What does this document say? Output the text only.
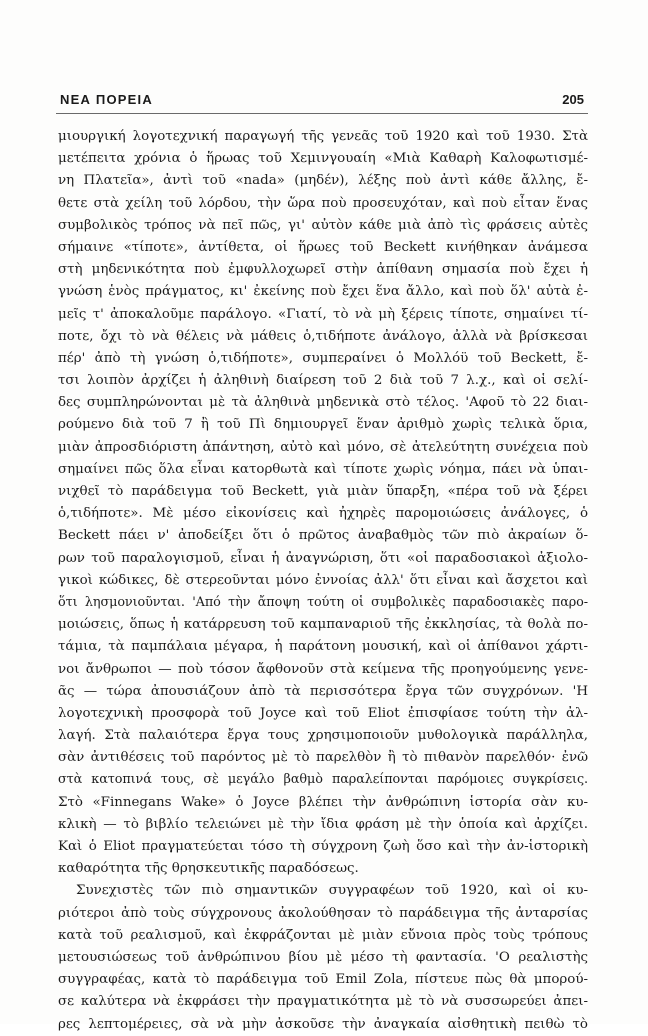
ΝΕΑ ΠΟΡΕΙΑ	205
μιουργική λογοτεχνική παραγωγή τῆς γενεᾶς τοῦ 1920 καὶ τοῦ 1930. Στὰ
μετέπειτα χρόνια ὁ ἥρωας τοῦ Χεμινγουαίη «Μιὰ Καθαρὴ Καλοφωτισμέ-
νη Πλατεῖα», ἀντὶ τοῦ «nada» (μηδέν), λέξης ποὺ ἀντὶ κάθε ἄλλης, ἔ-
θετε στὰ χείλη τοῦ λόρδου, τὴν ὥρα ποὺ προσευχόταν, καὶ ποὺ εἶταν ἕνας
συμβολικὸς τρόπος νὰ πεῖ πῶς, γι' αὐτὸν κάθε μιὰ ἀπὸ τὶς φράσεις αὐτὲς
σήμαινε «τίποτε», ἀντίθετα, οἱ ἥρωες τοῦ Beckett κινήθηκαν ἀνάμεσα
στὴ μηδενικότητα ποὺ ἐμφυλλοχωρεῖ στὴν ἀπίθανη σημασία ποὺ ἔχει ἡ
γνώση ἑνὸς πράγματος, κι' ἐκείνης ποὺ ἔχει ἕνα ἄλλο, καὶ ποὺ ὅλ' αὐτὰ ἐ-
μεῖς τ' ἀποκαλοῦμε παράλογο. «Γιατί, τὸ νὰ μὴ ξέρεις τίποτε, σημαίνει τί-
ποτε, ὄχι τὸ νὰ θέλεις νὰ μάθεις ὁ,τιδήποτε ἀνάλογο, ἀλλὰ νὰ βρίσκεσαι
πέρ' ἀπὸ τὴ γνώση ὁ,τιδήποτε», συμπεραίνει ὁ Μολλόϋ τοῦ Beckett, ἔ-
τσι λοιπὸν ἀρχίζει ἡ ἀληθινὴ διαίρεση τοῦ 2 διὰ τοῦ 7 λ.χ., καὶ οἱ σελί-
δες συμπληρώνονται μὲ τὰ ἀληθινὰ μηδενικὰ στὸ τέλος. 'Αφοῦ τὸ 22 διαι-
ρούμενο διὰ τοῦ 7 ἢ τοῦ Πὶ δημιουργεῖ ἕναν ἀριθμὸ χωρὶς τελικὰ ὅρια,
μιὰν ἀπροσδιόριστη ἀπάντηση, αὐτὸ καὶ μόνο, σὲ ἀτελεύτητη συνέχεια ποὺ
σημαίνει πῶς ὅλα εἶναι κατορθωτὰ καὶ τίποτε χωρὶς νόημα, πάει νὰ ὑπαι-
νιχθεῖ τὸ παράδειγμα τοῦ Beckett, γιὰ μιὰν ὕπαρξη, «πέρα τοῦ νὰ ξέρει
ὁ,τιδήποτε». Μὲ μέσο εἰκονίσεις καὶ ἠχηρὲς παρομοιώσεις ἀνάλογες, ὁ
Beckett πάει ν' ἀποδείξει ὅτι ὁ πρῶτος ἀναβαθμὸς τῶν πιὸ ἀκραίων ὅ-
ρων τοῦ παραλογισμοῦ, εἶναι ἡ ἀναγνώριση, ὅτι «οἱ παραδοσιακοὶ ἀξιολο-
γικοὶ κώδικες, δὲ στερεοῦνται μόνο ἐννοίας ἀλλ' ὅτι εἶναι καὶ ἄσχετοι καὶ
ὅτι λησμονιοῦνται. 'Από τὴν ἄποψη τούτη οἱ συμβολικὲς παραδοσιακὲς παρο-
μοιώσεις, ὅπως ἡ κατάρρευση τοῦ καμπαναριοῦ τῆς ἐκκλησίας, τὰ θολὰ πο-
τάμια, τὰ παμπάλαια μέγαρα, ἡ παράτονη μουσική, καὶ οἱ ἀπίθανοι χάρτι-
νοι ἄνθρωποι — ποὺ τόσον ἄφθονοῦν στὰ κείμενα τῆς προηγούμενης γενε-
ᾶς — τώρα ἀπουσιάζουν ἀπὸ τὰ περισσότερα ἔργα τῶν συγχρόνων. 'Η
λογοτεχνικὴ προσφορὰ τοῦ Joyce καὶ τοῦ Eliot ἐπισφίασε τούτη τὴν ἀλ-
λαγή. Στὰ παλαιότερα ἔργα τους χρησιμοποιοῦν μυθολογικὰ παράλληλα,
σὰν ἀντιθέσεις τοῦ παρόντος μὲ τὸ παρελθὸν ἢ τὸ πιθανὸν παρελθόν· ἐνῶ
στὰ κατοπινά τους, σὲ μεγάλο βαθμὸ παραλείπονται παρόμοιες συγκρίσεις.
Στὸ «Finnegans Wake» ὁ Joyce βλέπει τὴν ἀνθρώπινη ἱστορία σὰν κυ-
κλικὴ — τὸ βιβλίο τελειώνει μὲ τὴν ἴδια φράση μὲ τὴν ὁποία καὶ ἀρχίζει.
Καὶ ὁ Eliot πραγματεύεται τόσο τὴ σύγχρονη ζωὴ ὅσο καὶ τὴν ἀν-ἱστορικὴ
καθαρότητα τῆς θρησκευτικῆς παραδόσεως.
Συνεχιστὲς τῶν πιὸ σημαντικῶν συγγραφέων τοῦ 1920, καὶ οἱ κυ-
ριότεροι ἀπὸ τοὺς σύγχρονους ἀκολούθησαν τὸ παράδειγμα τῆς ἀνταρσίας
κατὰ τοῦ ρεαλισμοῦ, καὶ ἐκφράζονται μὲ μιὰν εὔνοια πρὸς τοὺς τρόπους
μετουσιώσεως τοῦ ἀνθρώπινου βίου μὲ μέσο τὴ φαντασία. 'Ο ρεαλιστὴς
συγγραφέας, κατὰ τὸ παράδειγμα τοῦ Emil Zola, πίστευε πὼς θὰ μπορού-
σε καλύτερα νὰ ἐκφράσει τὴν πραγματικότητα μὲ τὸ νὰ συσσωρεύει ἀπει-
ρες λεπτομέρειες, σὰ νὰ μὴν ἀσκοῦσε τὴν ἀναγκαία αἰσθητικὴ πειθὼ τὸ
